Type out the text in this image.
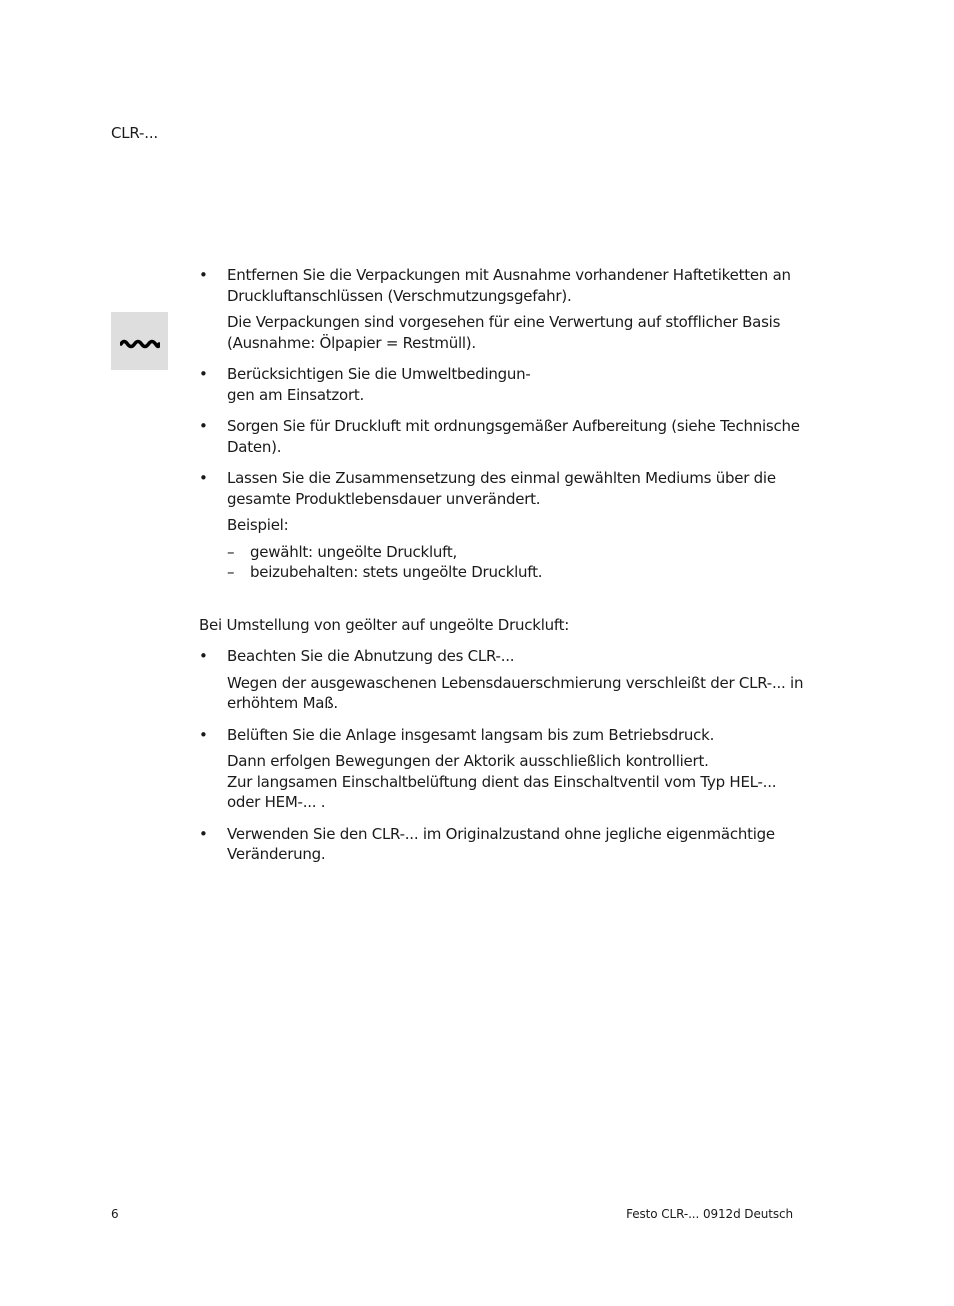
CLR-...
• Entfernen Sie die Verpackungen mit Ausnahme vorhandener Haftetiketten an Druckluftanschlüssen (Verschmutzungsgefahr).

Die Verpackungen sind vorgesehen für eine Verwertung auf stofflicher Basis (Ausnahme: Ölpapier = Restmüll).

• Berücksichtigen Sie die Umweltbedingun-

gen am Einsatzort.

• Sorgen Sie für Druckluft mit ordnungsgemäßer Aufbereitung (siehe Technische Daten).

• Lassen Sie die Zusammensetzung des einmal gewählten Mediums über die gesamte Produktlebensdauer unverändert.

Beispiel:

– gewählt: ungeölte Druckluft,
– beizubehalten: stets ungeölte Druckluft.

Bei Umstellung von geölter auf ungeölte Druckluft:

• Beachten Sie die Abnutzung des CLR-...

Wegen der ausgewaschenen Lebensdauerschmierung verschleißt der CLR-... in erhöhtem Maß.

• Belüften Sie die Anlage insgesamt langsam bis zum Betriebsdruck.

Dann erfolgen Bewegungen der Aktorik ausschließlich kontrolliert.

Zur langsamen Einschaltbelüftung dient das Einschaltventil vom Typ HEL-... oder HEM-... .

• Verwenden Sie den CLR-... im Originalzustand ohne jegliche eigenmächtige Veränderung.

6	Festo CLR-... 0912d Deutsch
